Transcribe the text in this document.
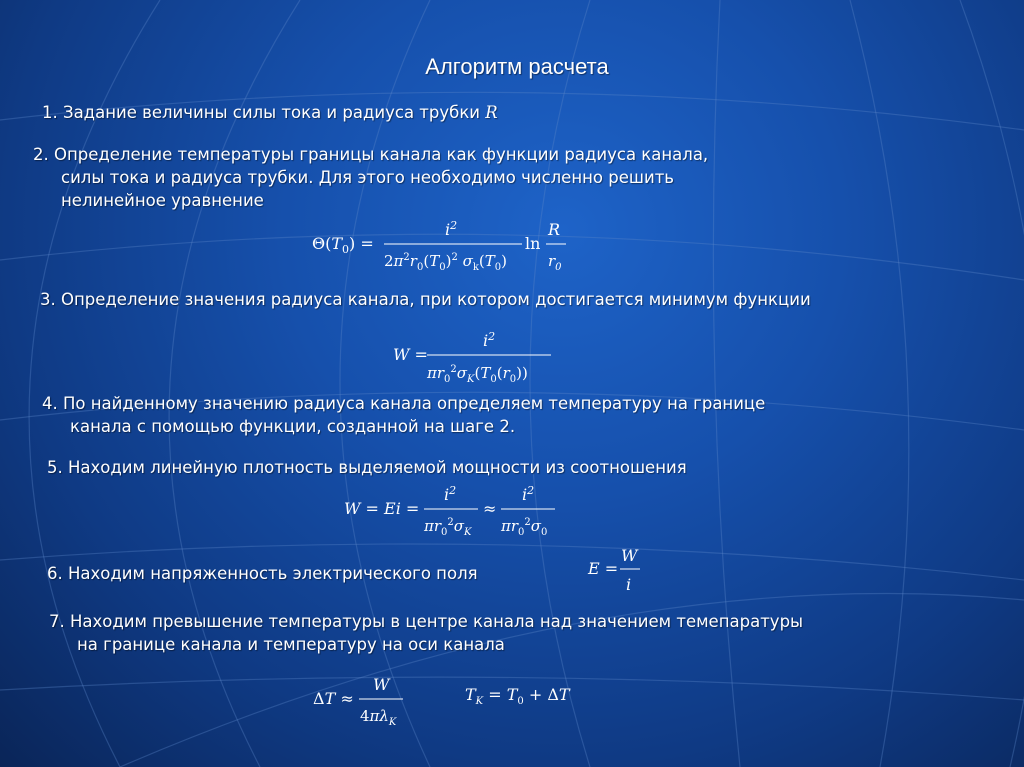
Алгоритм расчета
1. Задание величины силы тока и радиуса трубки R
2. Определение температуры границы канала как функции радиуса канала,
силы тока и радиуса трубки. Для этого необходимо численно решить
нелинейное уравнение
$\Theta(T_0)$ =
$i^2$
$2\pi^2r_0(T_0)^2$ $\sigma_k(T_0)$
ln
R
$r_0$
3. Определение значения радиуса канала, при котором достигается минимум функции
W =
$i^2$
$\pi r_0^2\sigma_K(T_0(r_0))$
4. По найденному значению радиуса канала определяем температуру на границе
канала с помощью функции, созданной на шаге 2.
5. Находим линейную плотность выделяемой мощности из соотношения
W = Ei =
$i^2$
$\pi r_0^2\sigma_K$
≈
$i^2$
$\pi r_0^2\sigma_0$
6. Находим напряженность электрического поля	E =
W
i
7. Находим превышение температуры в центре канала над значением темепаратуры
на границе канала и температуру на оси канала
ΔT ≈
W
$4\pi\lambda_K$
$T_K = T_0 + \Delta T$
